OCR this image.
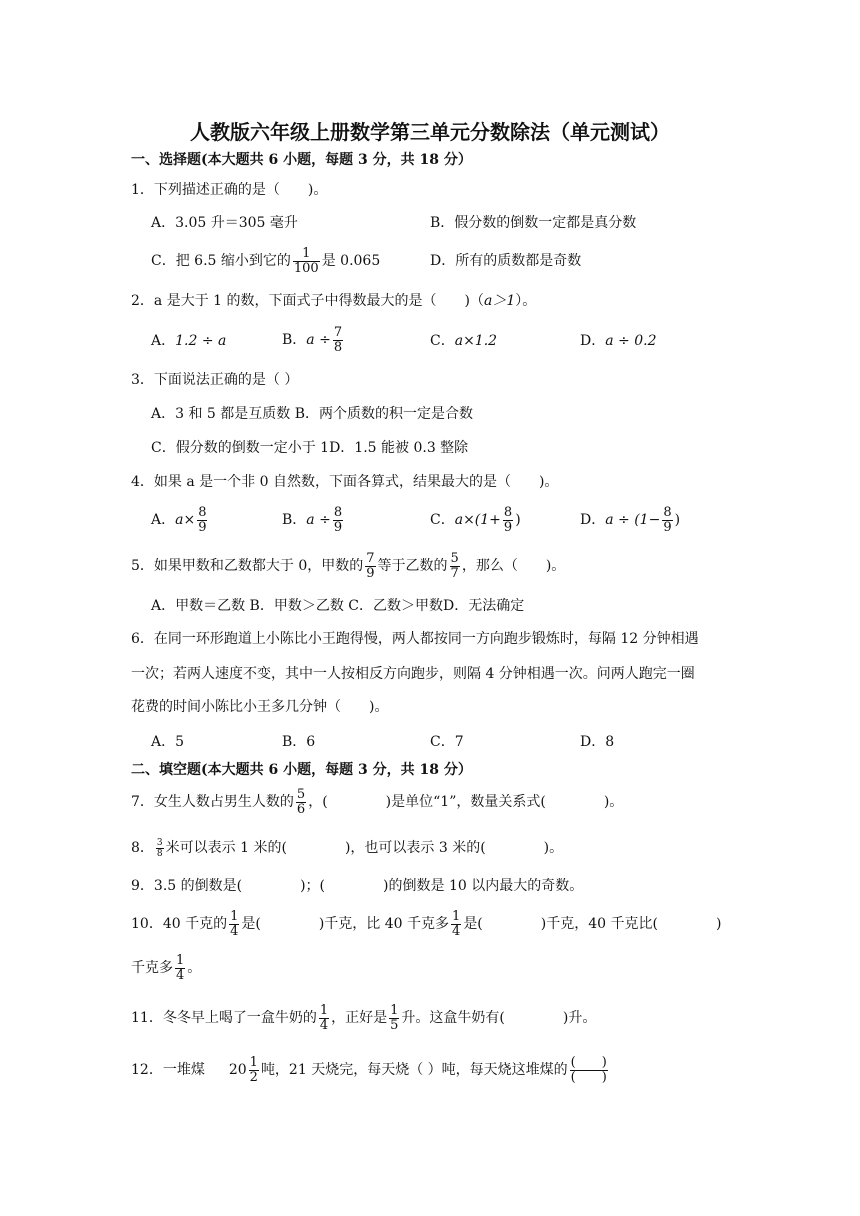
人教版六年级上册数学第三单元分数除法（单元测试）
一、选择题(本大题共 6 小题，每题 3 分，共 18 分）
1．下列描述正确的是（　　)。
A．3.05 升＝305 毫升	B．假分数的倒数一定都是真分数
C．把 6.5 缩小到它的 $\frac{1}{100}$ 是 0.065	D．所有的质数都是奇数
2．a 是大于 1 的数，下面式子中得数最大的是（　　)（a＞1）。
A．1.2 ÷ a	B．$a \div \frac{7}{8}$	C．a×1.2	D．a ÷ 0.2
3．下面说法正确的是（ ）
A．3 和 5 都是互质数 B．两个质数的积一定是合数
C．假分数的倒数一定小于 1D．1.5 能被 0.3 整除
4．如果 a 是一个非 0 自然数，下面各算式，结果最大的是（　　)。
A．$a\times \frac{8}{9}$	B．$a \div \frac{8}{9}$	C．$a\times(1+ \frac{8}{9}$ )	D．$a \div (1- \frac{8}{9}$ )
5．如果甲数和乙数都大于 0，甲数的 $\frac{7}{9}$ 等于乙数的 $\frac{5}{7}$ ，那么（　　)。
A．甲数＝乙数 B．甲数＞乙数 C．乙数＞甲数D．无法确定
6．在同一环形跑道上小陈比小王跑得慢，两人都按同一方向跑步锻炼时，每隔 12 分钟相遇
一次；若两人速度不变，其中一人按相反方向跑步，则隔 4 分钟相遇一次。问两人跑完一圈
花费的时间小陈比小王多几分钟（　　)。
A．5	B．6	C．7	D．8
二、填空题(本大题共 6 小题，每题 3 分，共 18 分）
7．女生人数占男生人数的 $\frac{5}{6}$ ，(	)是单位“1”，数量关系式(	)。
8． $\frac{3}{8}$ 米可以表示 1 米的(	)，也可以表示 3 米的(	)。
9．3.5 的倒数是(	)；(	)的倒数是 10 以内最大的奇数。
10．40 千克的 $\frac{1}{4}$ 是(	)千克，比 40 千克多 $\frac{1}{4}$ 是(	)千克，40 千克比(	)
千克多 $\frac{1}{4}$ 。
11．冬冬早上喝了一盒牛奶的 $\frac{1}{4}$ ，正好是 $\frac{1}{5}$ 升。这盒牛奶有(	)升。
12．一堆煤 $20 \frac{1}{2}$ 吨，21 天烧完，每天烧（ ）吨，每天烧这堆煤的 (　　)
(　　)
